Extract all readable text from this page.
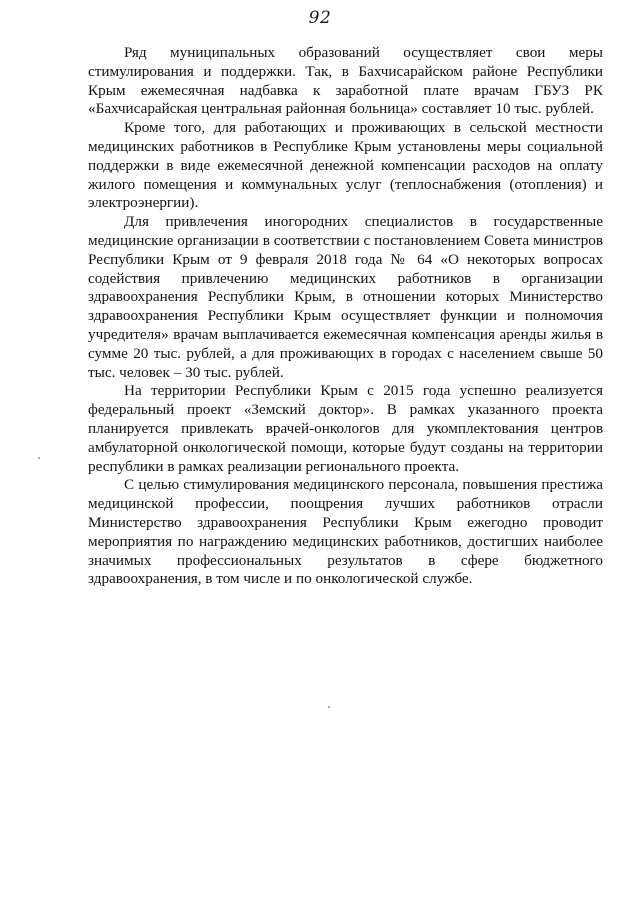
92

Ряд муниципальных образований осуществляет свои меры стимулирования и поддержки. Так, в Бахчисарайском районе Республики Крым ежемесячная надбавка к заработной плате врачам ГБУЗ РК «Бахчисарайская центральная районная больница» составляет 10 тыс. рублей.

Кроме того, для работающих и проживающих в сельской местности медицинских работников в Республике Крым установлены меры социальной поддержки в виде ежемесячной денежной компенсации расходов на оплату жилого помещения и коммунальных услуг (теплоснабжения (отопления) и электроэнергии).

Для привлечения иногородних специалистов в государственные медицинские организации в соответствии с постановлением Совета министров Республики Крым от 9 февраля 2018 года № 64 «О некоторых вопросах содействия привлечению медицинских работников в организации здравоохранения Республики Крым, в отношении которых Министерство здравоохранения Республики Крым осуществляет функции и полномочия учредителя» врачам выплачивается ежемесячная компенсация аренды жилья в сумме 20 тыс. рублей, а для проживающих в городах с населением свыше 50 тыс. человек – 30 тыс. рублей.

На территории Республики Крым с 2015 года успешно реализуется федеральный проект «Земский доктор». В рамках указанного проекта планируется привлекать врачей-онкологов для укомплектования центров амбулаторной онкологической помощи, которые будут созданы на территории республики в рамках реализации регионального проекта.

С целью стимулирования медицинского персонала, повышения престижа медицинской профессии, поощрения лучших работников отрасли Министерство здравоохранения Республики Крым ежегодно проводит мероприятия по награждению медицинских работников, достигших наиболее значимых профессиональных результатов в сфере бюджетного здравоохранения, в том числе и по онкологической службе.
